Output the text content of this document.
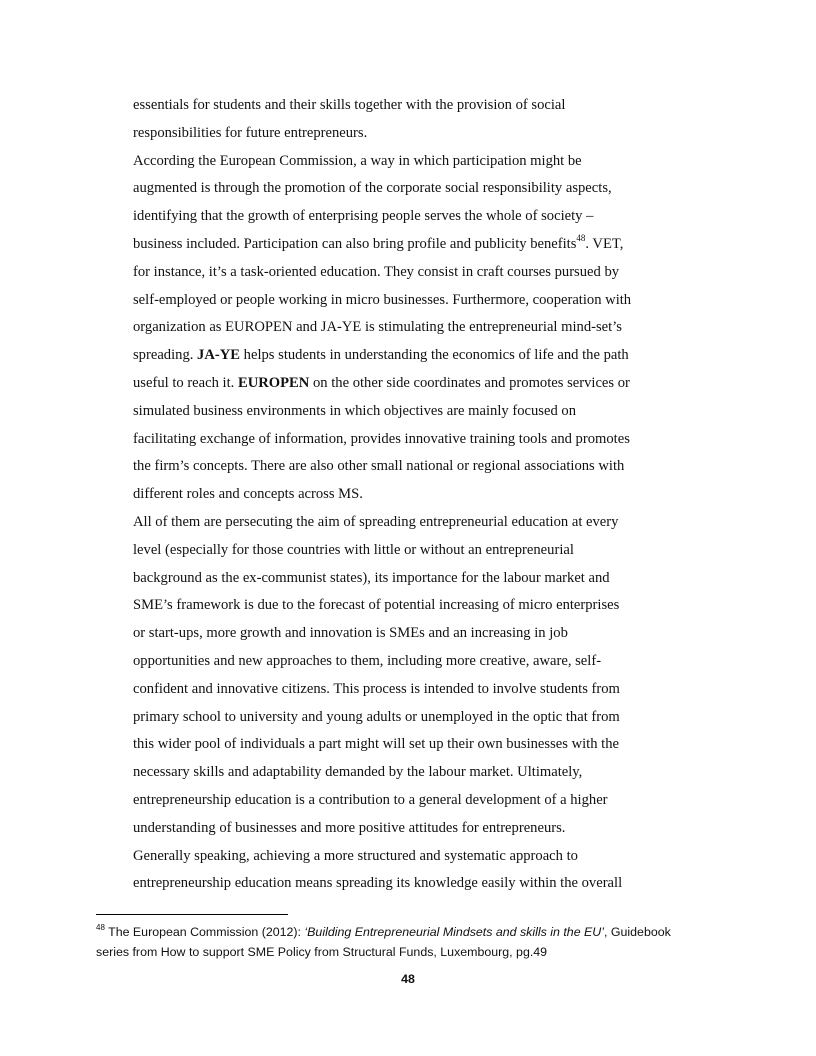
essentials for students and their skills together with the provision of social
responsibilities for future entrepreneurs.
According the European Commission, a way in which participation might be
augmented is through the promotion of the corporate social responsibility aspects,
identifying that the growth of enterprising people serves the whole of society –
business included. Participation can also bring profile and publicity benefits$^{48}$. VET,
for instance, it’s a task-oriented education. They consist in craft courses pursued by
self-employed or people working in micro businesses. Furthermore, cooperation with
organization as EUROPEN and JA-YE is stimulating the entrepreneurial mind-set’s
spreading. JA-YE helps students in understanding the economics of life and the path
useful to reach it. EUROPEN on the other side coordinates and promotes services or
simulated business environments in which objectives are mainly focused on
facilitating exchange of information, provides innovative training tools and promotes
the firm’s concepts. There are also other small national or regional associations with
different roles and concepts across MS.
All of them are persecuting the aim of spreading entrepreneurial education at every
level (especially for those countries with little or without an entrepreneurial
background as the ex-communist states), its importance for the labour market and
SME’s framework is due to the forecast of potential increasing of micro enterprises
or start-ups, more growth and innovation is SMEs and an increasing in job
opportunities and new approaches to them, including more creative, aware, self-
confident and innovative citizens. This process is intended to involve students from
primary school to university and young adults or unemployed in the optic that from
this wider pool of individuals a part might will set up their own businesses with the
necessary skills and adaptability demanded by the labour market. Ultimately,
entrepreneurship education is a contribution to a general development of a higher
understanding of businesses and more positive attitudes for entrepreneurs.
Generally speaking, achieving a more structured and systematic approach to
entrepreneurship education means spreading its knowledge easily within the overall
$^{48}$ The European Commission (2012): ‘Building Entrepreneurial Mindsets and skills in the EU’, Guidebook
series from How to support SME Policy from Structural Funds, Luxembourg, pg.49
48
